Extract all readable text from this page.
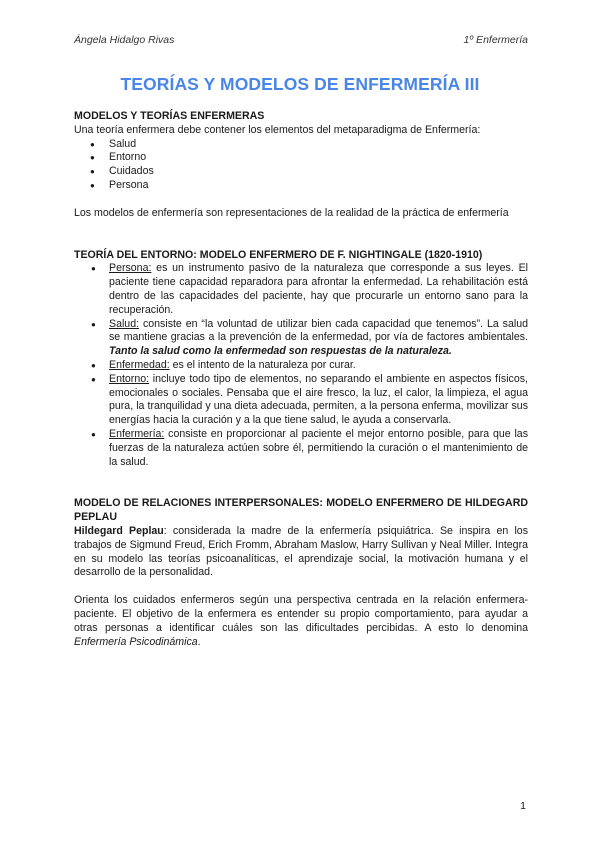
Ángela Hidalgo Rivas	1º Enfermería
TEORÍAS Y MODELOS DE ENFERMERÍA III

MODELOS Y TEORÍAS ENFERMERAS

Una teoría enfermera debe contener los elementos del metaparadigma de Enfermería:

● Salud
● Entorno
● Cuidados
● Persona

Los modelos de enfermería son representaciones de la realidad de la práctica de enfermería

TEORÍA DEL ENTORNO: MODELO ENFERMERO DE F. NIGHTINGALE (1820-1910)

● Persona: es un instrumento pasivo de la naturaleza que corresponde a sus leyes. El paciente tiene capacidad reparadora para afrontar la enfermedad. La rehabilitación está dentro de las capacidades del paciente, hay que procurarle un entorno sano para la recuperación.
● Salud: consiste en “la voluntad de utilizar bien cada capacidad que tenemos”. La salud se mantiene gracias a la prevención de la enfermedad, por vía de factores ambientales. Tanto la salud como la enfermedad son respuestas de la naturaleza.
● Enfermedad: es el intento de la naturaleza por curar.
● Entorno: incluye todo tipo de elementos, no separando el ambiente en aspectos físicos, emocionales o sociales. Pensaba que el aire fresco, la luz, el calor, la limpieza, el agua pura, la tranquilidad y una dieta adecuada, permiten, a la persona enferma, movilizar sus energías hacia la curación y a la que tiene salud, le ayuda a conservarla.
● Enfermería: consiste en proporcionar al paciente el mejor entorno posible, para que las fuerzas de la naturaleza actúen sobre él, permitiendo la curación o el mantenimiento de la salud.

MODELO DE RELACIONES INTERPERSONALES: MODELO ENFERMERO DE HILDEGARD PEPLAU

Hildegard Peplau: considerada la madre de la enfermería psiquiátrica. Se inspira en los trabajos de Sigmund Freud, Erich Fromm, Abraham Maslow, Harry Sullivan y Neal Miller. Integra en su modelo las teorías psicoanalíticas, el aprendizaje social, la motivación humana y el desarrollo de la personalidad.

Orienta los cuidados enfermeros según una perspectiva centrada en la relación enfermera-paciente. El objetivo de la enfermera es entender su propio comportamiento, para ayudar a otras personas a identificar cuáles son las dificultades percibidas. A esto lo denomina Enfermería Psicodinámica.

1
